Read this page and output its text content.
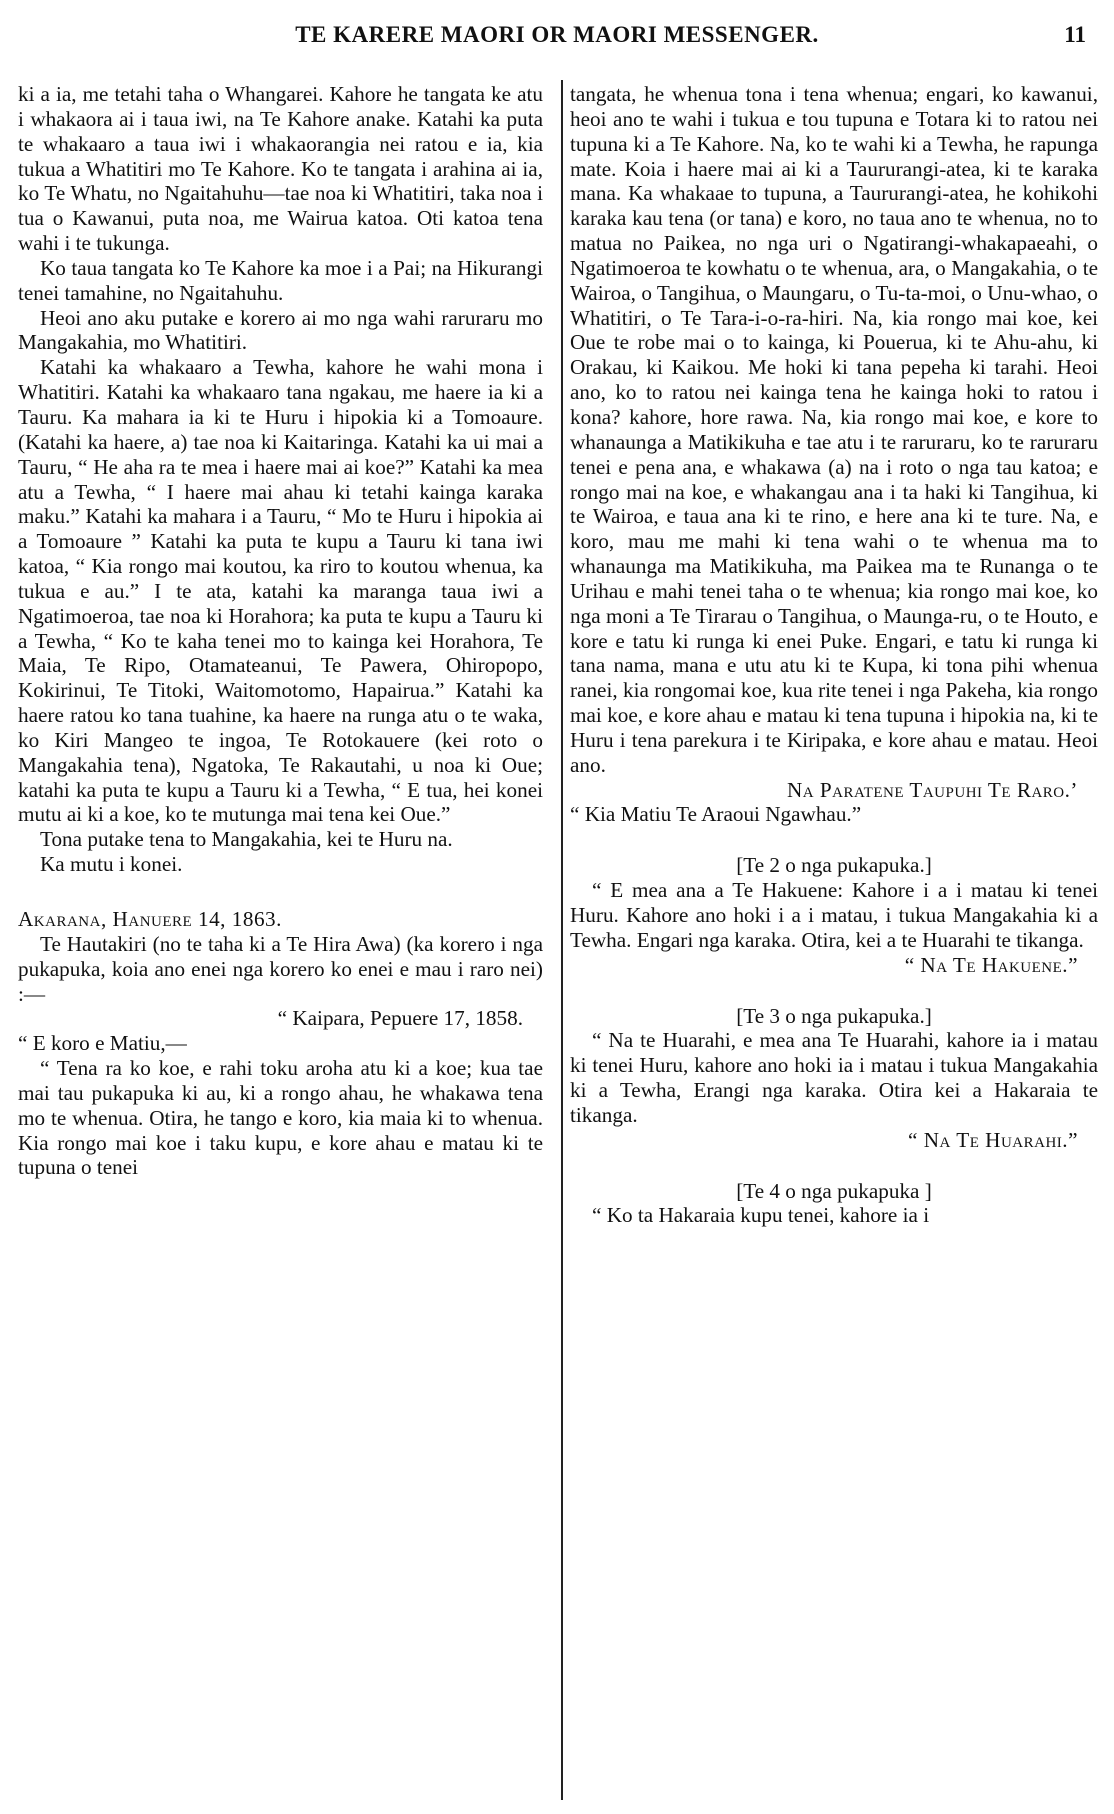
TE KARERE MAORI OR MAORI MESSENGER.	11

ki a ia, me tetahi taha o Whangarei. Kahore he tangata ke atu i whakaora ai i taua iwi, na Te Kahore anake. Katahi ka puta te whakaaro a taua iwi i whakaorangia nei ratou e ia, kia tukua a Whatitiri mo Te Kahore. Ko te tangata i arahina ai ia, ko Te Whatu, no Ngaitahuhu—tae noa ki Whatitiri, taka noa i tua o Kawanui, puta noa, me Wairua katoa. Oti katoa tena wahi i te tukunga.

Ko taua tangata ko Te Kahore ka moe i a Pai; na Hikurangi tenei tamahine, no Ngaitahuhu.

Heoi ano aku putake e korero ai mo nga wahi raruraru mo Mangakahia, mo Whatitiri.

Katahi ka whakaaro a Tewha, kahore he wahi mona i Whatitiri. Katahi ka whakaaro tana ngakau, me haere ia ki a Tauru. Ka mahara ia ki te Huru i hipokia ki a Tomoaure. (Katahi ka haere, a) tae noa ki Kaitaringa. Katahi ka ui mai a Tauru, “ He aha ra te mea i haere mai ai koe?” Katahi ka mea atu a Tewha, “ I haere mai ahau ki tetahi kainga karaka maku.” Katahi ka mahara i a Tauru, “ Mo te Huru i hipokia ai a Tomoaure ” Katahi ka puta te kupu a Tauru ki tana iwi katoa, “ Kia rongo mai koutou, ka riro to koutou whenua, ka tukua e au.” I te ata, katahi ka maranga taua iwi a Ngatimoeroa, tae noa ki Horahora; ka puta te kupu a Tauru ki a Tewha, “ Ko te kaha tenei mo to kainga kei Horahora, Te Maia, Te Ripo, Otamateanui, Te Pawera, Ohiropopo, Kokirinui, Te Titoki, Waitomotomo, Hapairua.” Katahi ka haere ratou ko tana tuahine, ka haere na runga atu o te waka, ko Kiri Mangeo te ingoa, Te Rotokauere (kei roto o Mangakahia tena), Ngatoka, Te Rakautahi, u noa ki Oue; katahi ka puta te kupu a Tauru ki a Tewha, “ E tua, hei konei mutu ai ki a koe, ko te mutunga mai tena kei Oue.”

Tona putake tena to Mangakahia, kei te Huru na.

Ka mutu i konei.

Akarana, Hanuere 14, 1863.

Te Hautakiri (no te taha ki a Te Hira Awa) (ka korero i nga pukapuka, koia ano enei nga korero ko enei e mau i raro nei) :—

“ Kaipara, Pepuere 17, 1858.

“ E koro e Matiu,—

“ Tena ra ko koe, e rahi toku aroha atu ki a koe; kua tae mai tau pukapuka ki au, ki a rongo ahau, he whakawa tena mo te whenua. Otira, he tango e koro, kia maia ki to whenua. Kia rongo mai koe i taku kupu, e kore ahau e matau ki te tupuna o tenei

tangata, he whenua tona i tena whenua; engari, ko kawanui, heoi ano te wahi i tukua e tou tupuna e Totara ki to ratou nei tupuna ki a Te Kahore. Na, ko te wahi ki a Tewha, he rapunga mate. Koia i haere mai ai ki a Taururangi-atea, ki te karaka mana. Ka whakaae to tupuna, a Taururangi-atea, he kohikohi karaka kau tena (or tana) e koro, no taua ano te whenua, no to matua no Paikea, no nga uri o Ngatirangi-whakapaeahi, o Ngatimoeroa te kowhatu o te whenua, ara, o Mangakahia, o te Wairoa, o Tangihua, o Maungaru, o Tu-ta-moi, o Unu-whao, o Whatitiri, o Te Tara-i-o-ra-hiri. Na, kia rongo mai koe, kei Oue te robe mai o to kainga, ki Pouerua, ki te Ahu-ahu, ki Orakau, ki Kaikou. Me hoki ki tana pepeha ki tarahi. Heoi ano, ko to ratou nei kainga tena he kainga hoki to ratou i kona? kahore, hore rawa. Na, kia rongo mai koe, e kore to whanaunga a Matikikuha e tae atu i te raruraru, ko te raruraru tenei e pena ana, e whakawa (a) na i roto o nga tau katoa; e rongo mai na koe, e whakangau ana i ta haki ki Tangihua, ki te Wairoa, e taua ana ki te rino, e here ana ki te ture. Na, e koro, mau me mahi ki tena wahi o te whenua ma to whanaunga ma Matikikuha, ma Paikea ma te Runanga o te Urihau e mahi tenei taha o te whenua; kia rongo mai koe, ko nga moni a Te Tirarau o Tangihua, o Maunga-ru, o te Houto, e kore e tatu ki runga ki enei Puke. Engari, e tatu ki runga ki tana nama, mana e utu atu ki te Kupa, ki tona pihi whenua ranei, kia rongomai koe, kua rite tenei i nga Pakeha, kia rongo mai koe, e kore ahau e matau ki tena tupuna i hipokia na, ki te Huru i tena parekura i te Kiripaka, e kore ahau e matau. Heoi ano.

Na Paratene Taupuhi Te Raro.’

“ Kia Matiu Te Araoui Ngawhau.”

[Te 2 o nga pukapuka.]

“ E mea ana a Te Hakuene: Kahore i a i matau ki tenei Huru. Kahore ano hoki i a i matau, i tukua Mangakahia ki a Tewha. Engari nga karaka. Otira, kei a te Huarahi te tikanga.

“ Na Te Hakuene.”

[Te 3 o nga pukapuka.]

“ Na te Huarahi, e mea ana Te Huarahi, kahore ia i matau ki tenei Huru, kahore ano hoki ia i matau i tukua Mangakahia ki a Tewha, Erangi nga karaka. Otira kei a Hakaraia te tikanga.

“ Na Te Huarahi.”

[Te 4 o nga pukapuka ]

“ Ko ta Hakaraia kupu tenei, kahore ia i
